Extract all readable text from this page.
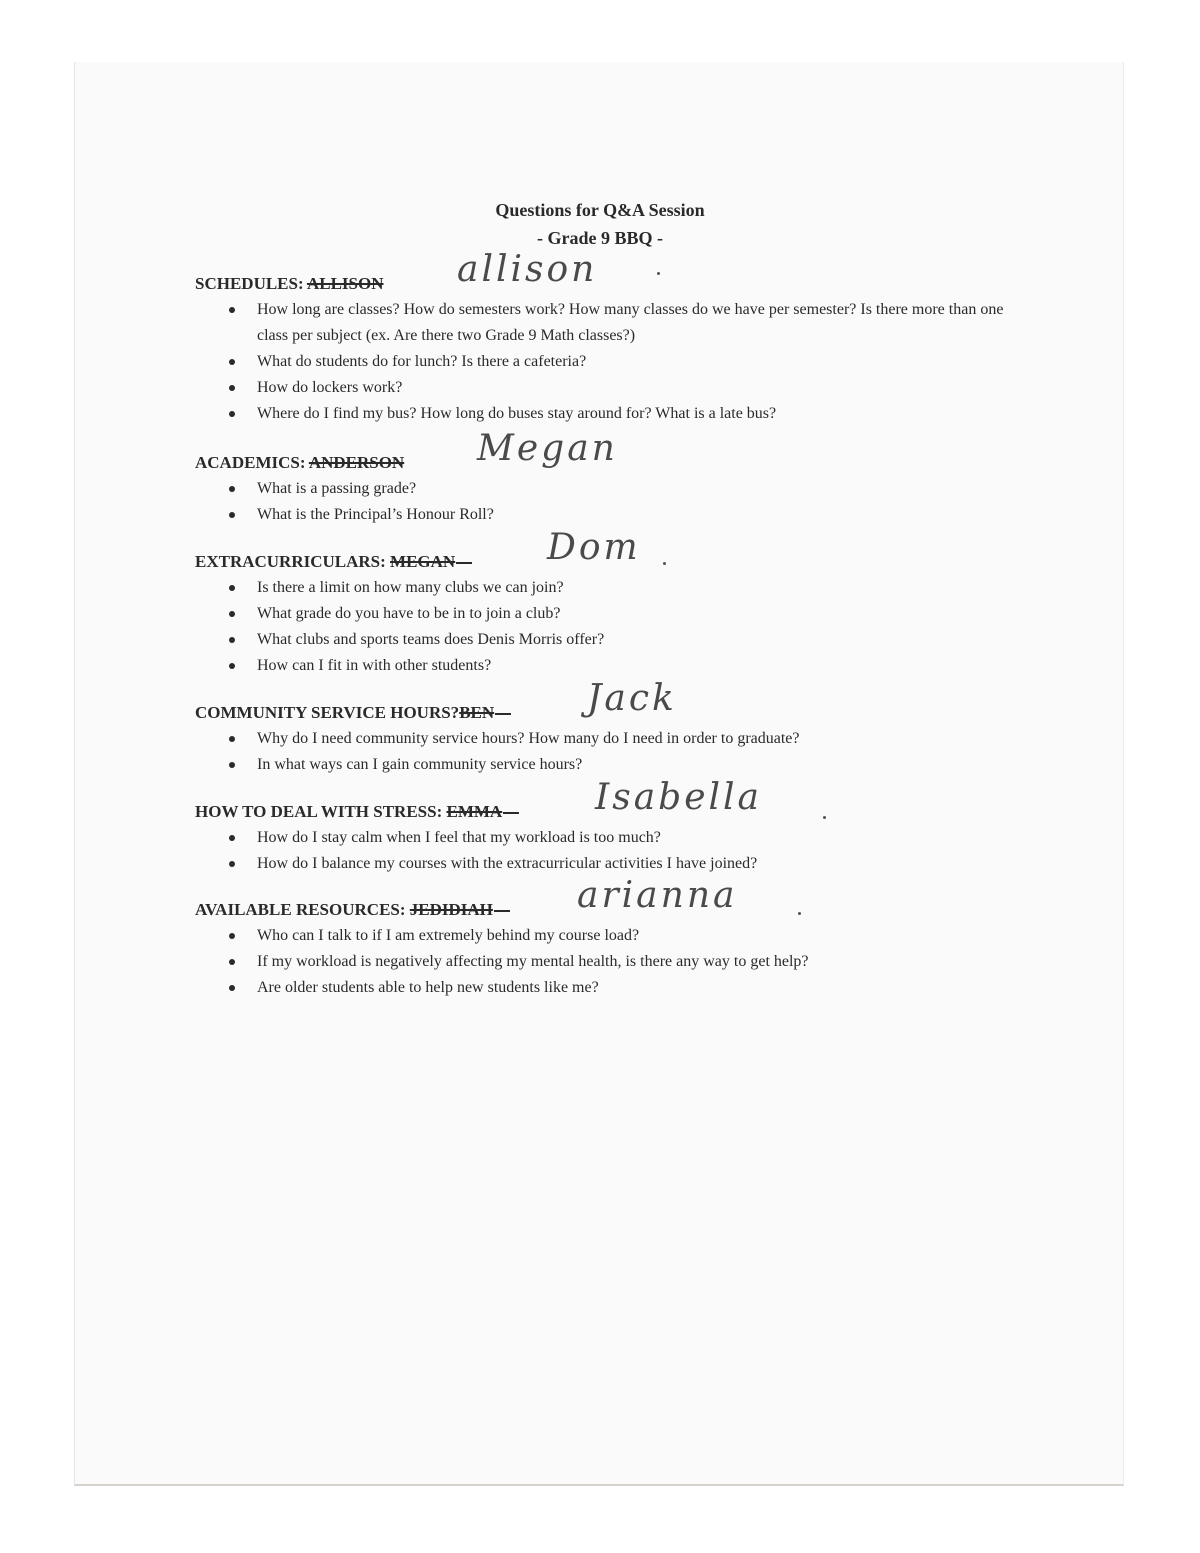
Questions for Q&A Session
- Grade 9 BBQ -
SCHEDULES: ALLISON allison
How long are classes? How do semesters work? How many classes do we have per semester? Is there more than one class per subject (ex. Are there two Grade 9 Math classes?)
What do students do for lunch? Is there a cafeteria?
How do lockers work?
Where do I find my bus? How long do buses stay around for? What is a late bus?
ACADEMICS: ANDERSON Megan
What is a passing grade?
What is the Principal’s Honour Roll?
EXTRACURRICULARS: MEGAN	Dom
Is there a limit on how many clubs we can join?
What grade do you have to be in to join a club?
What clubs and sports teams does Denis Morris offer?
How can I fit in with other students?
COMMUNITY SERVICE HOURS?BEN	Jack
Why do I need community service hours? How many do I need in order to graduate?
In what ways can I gain community service hours?
HOW TO DEAL WITH STRESS: EMMA	Isabella
How do I stay calm when I feel that my workload is too much?
How do I balance my courses with the extracurricular activities I have joined?
AVAILABLE RESOURCES: JEDIDIAH arianna
Who can I talk to if I am extremely behind my course load?
If my workload is negatively affecting my mental health, is there any way to get help?
Are older students able to help new students like me?
